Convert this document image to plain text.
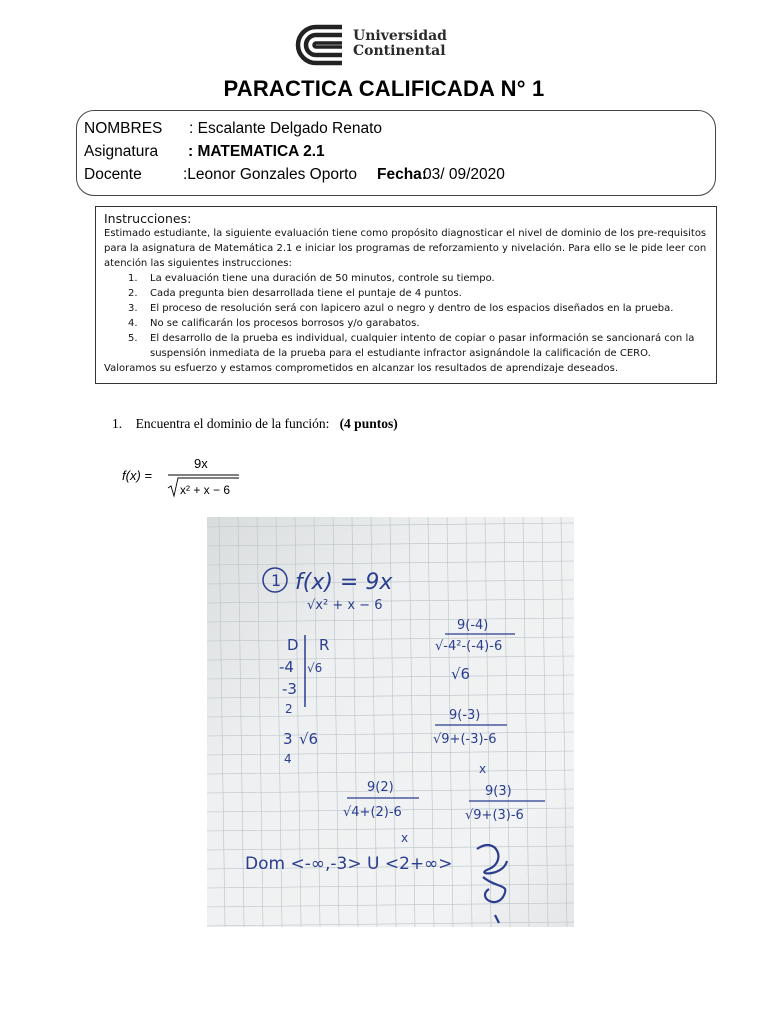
Universidad
Continental
PARACTICA CALIFICADA N° 1
NOMBRES : Escalante Delgado Renato
Asignatura : MATEMATICA 2.1
Docente	:Leonor Gonzales Oporto Fecha:
03/ 09/2020
Instrucciones:
Estimado estudiante, la siguiente evaluación tiene como propósito diagnosticar el nivel de dominio de los pre-requisitos para la asignatura de Matemática 2.1 e iniciar los programas de reforzamiento y nivelación. Para ello se le pide leer con atención las siguientes instrucciones:
1. La evaluación tiene una duración de 50 minutos, controle su tiempo.
2. Cada pregunta bien desarrollada tiene el puntaje de 4 puntos.
3. El proceso de resolución será con lapicero azul o negro y dentro de los espacios diseñados en la prueba.
4. No se calificarán los procesos borrosos y/o garabatos.
5. El desarrollo de la prueba es individual, cualquier intento de copiar o pasar información se sancionará con la suspensión inmediata de la prueba para el estudiante infractor asignándole la calificación de CERO.
Valoramos su esfuerzo y estamos comprometidos en alcanzar los resultados de aprendizaje deseados.
1. Encuentra el dominio de la función: (4 puntos)
f(x) =
9x
x² + x − 6
1 f(x) = 9x
√x² + x − 6
D R
-4 √6
-3
2
3 √6
4
9(-4)
√-4²-(-4)-6
√6
9(-3)
√9+(-3)-6
x
9(2)
√4+(2)-6
x
9(3)
√9+(3)-6
Dom <-∞,-3> U <2+∞>
